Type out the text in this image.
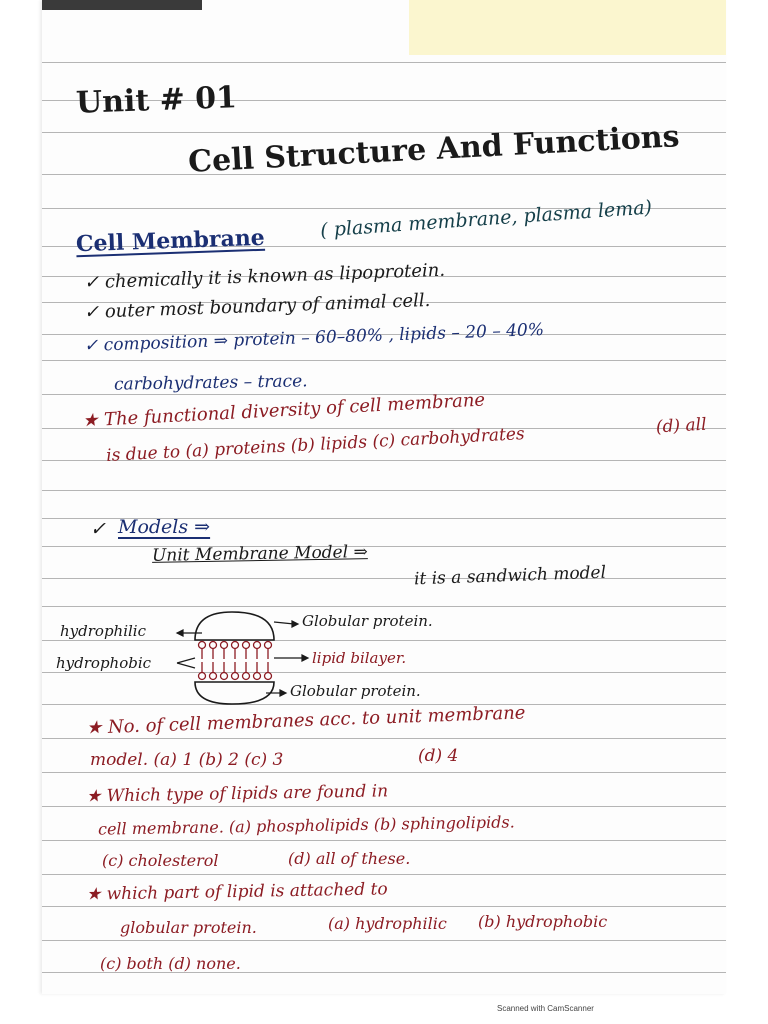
Unit # 01
Cell Structure And Functions
Cell Membrane	( plasma membrane, plasma lema)
✓ chemically it is known as lipoprotein.
✓ outer most boundary of animal cell.
✓ composition ⇒ protein – 60–80% , lipids – 20 – 40%
carbohydrates – trace.
★ The functional diversity of cell membrane
is due to (a) proteins (b) lipids (c) carbohydrates	(d) all
✓ Models ⇒
Unit Membrane Model ⇒
it is a sandwich model
hydrophilic
hydrophobic
Globular protein.
lipid bilayer.
Globular protein.
★ No. of cell membranes acc. to unit membrane
model. (a) 1 (b) 2 (c) 3	(d) 4
★ Which type of lipids are found in
cell membrane. (a) phospholipids (b) sphingolipids.
(c) cholesterol	(d) all of these.
★ which part of lipid is attached to
globular protein.	(a) hydrophilic (b) hydrophobic
(c) both (d) none.
Scanned with CamScanner
